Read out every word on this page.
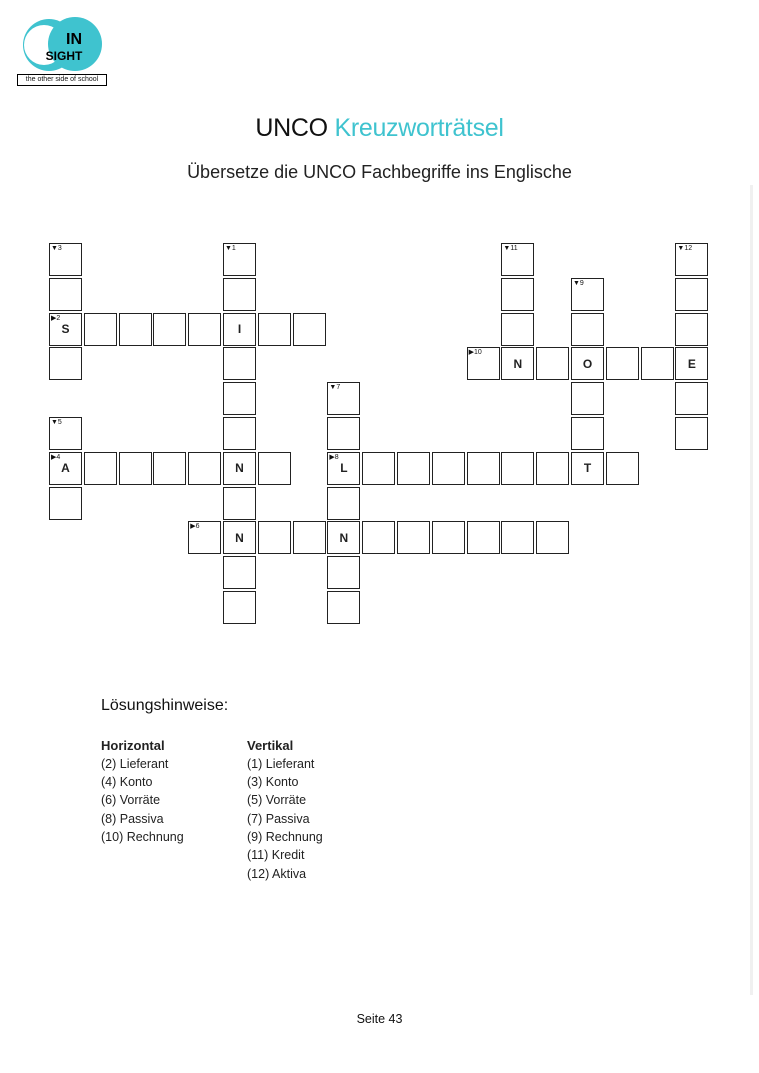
IN
SIGHT
the other side of school
UNCO Kreuzworträtsel
Übersetze die UNCO Fachbegriffe ins Englische
▼3	▼1	▼11	▼12
▼9
▶2
S	I
▶10
N	O	E
▼7
▼5
▶4
A	N
▶8
L	T
▶6
N	N
Lösungshinweise:
Horizontal	Vertikal
(2) Lieferant
(4) Konto
(6) Vorräte
(8) Passiva
(10) Rechnung
(1) Lieferant
(3) Konto
(5) Vorräte
(7) Passiva
(9) Rechnung
(11) Kredit
(12) Aktiva
Seite 43
